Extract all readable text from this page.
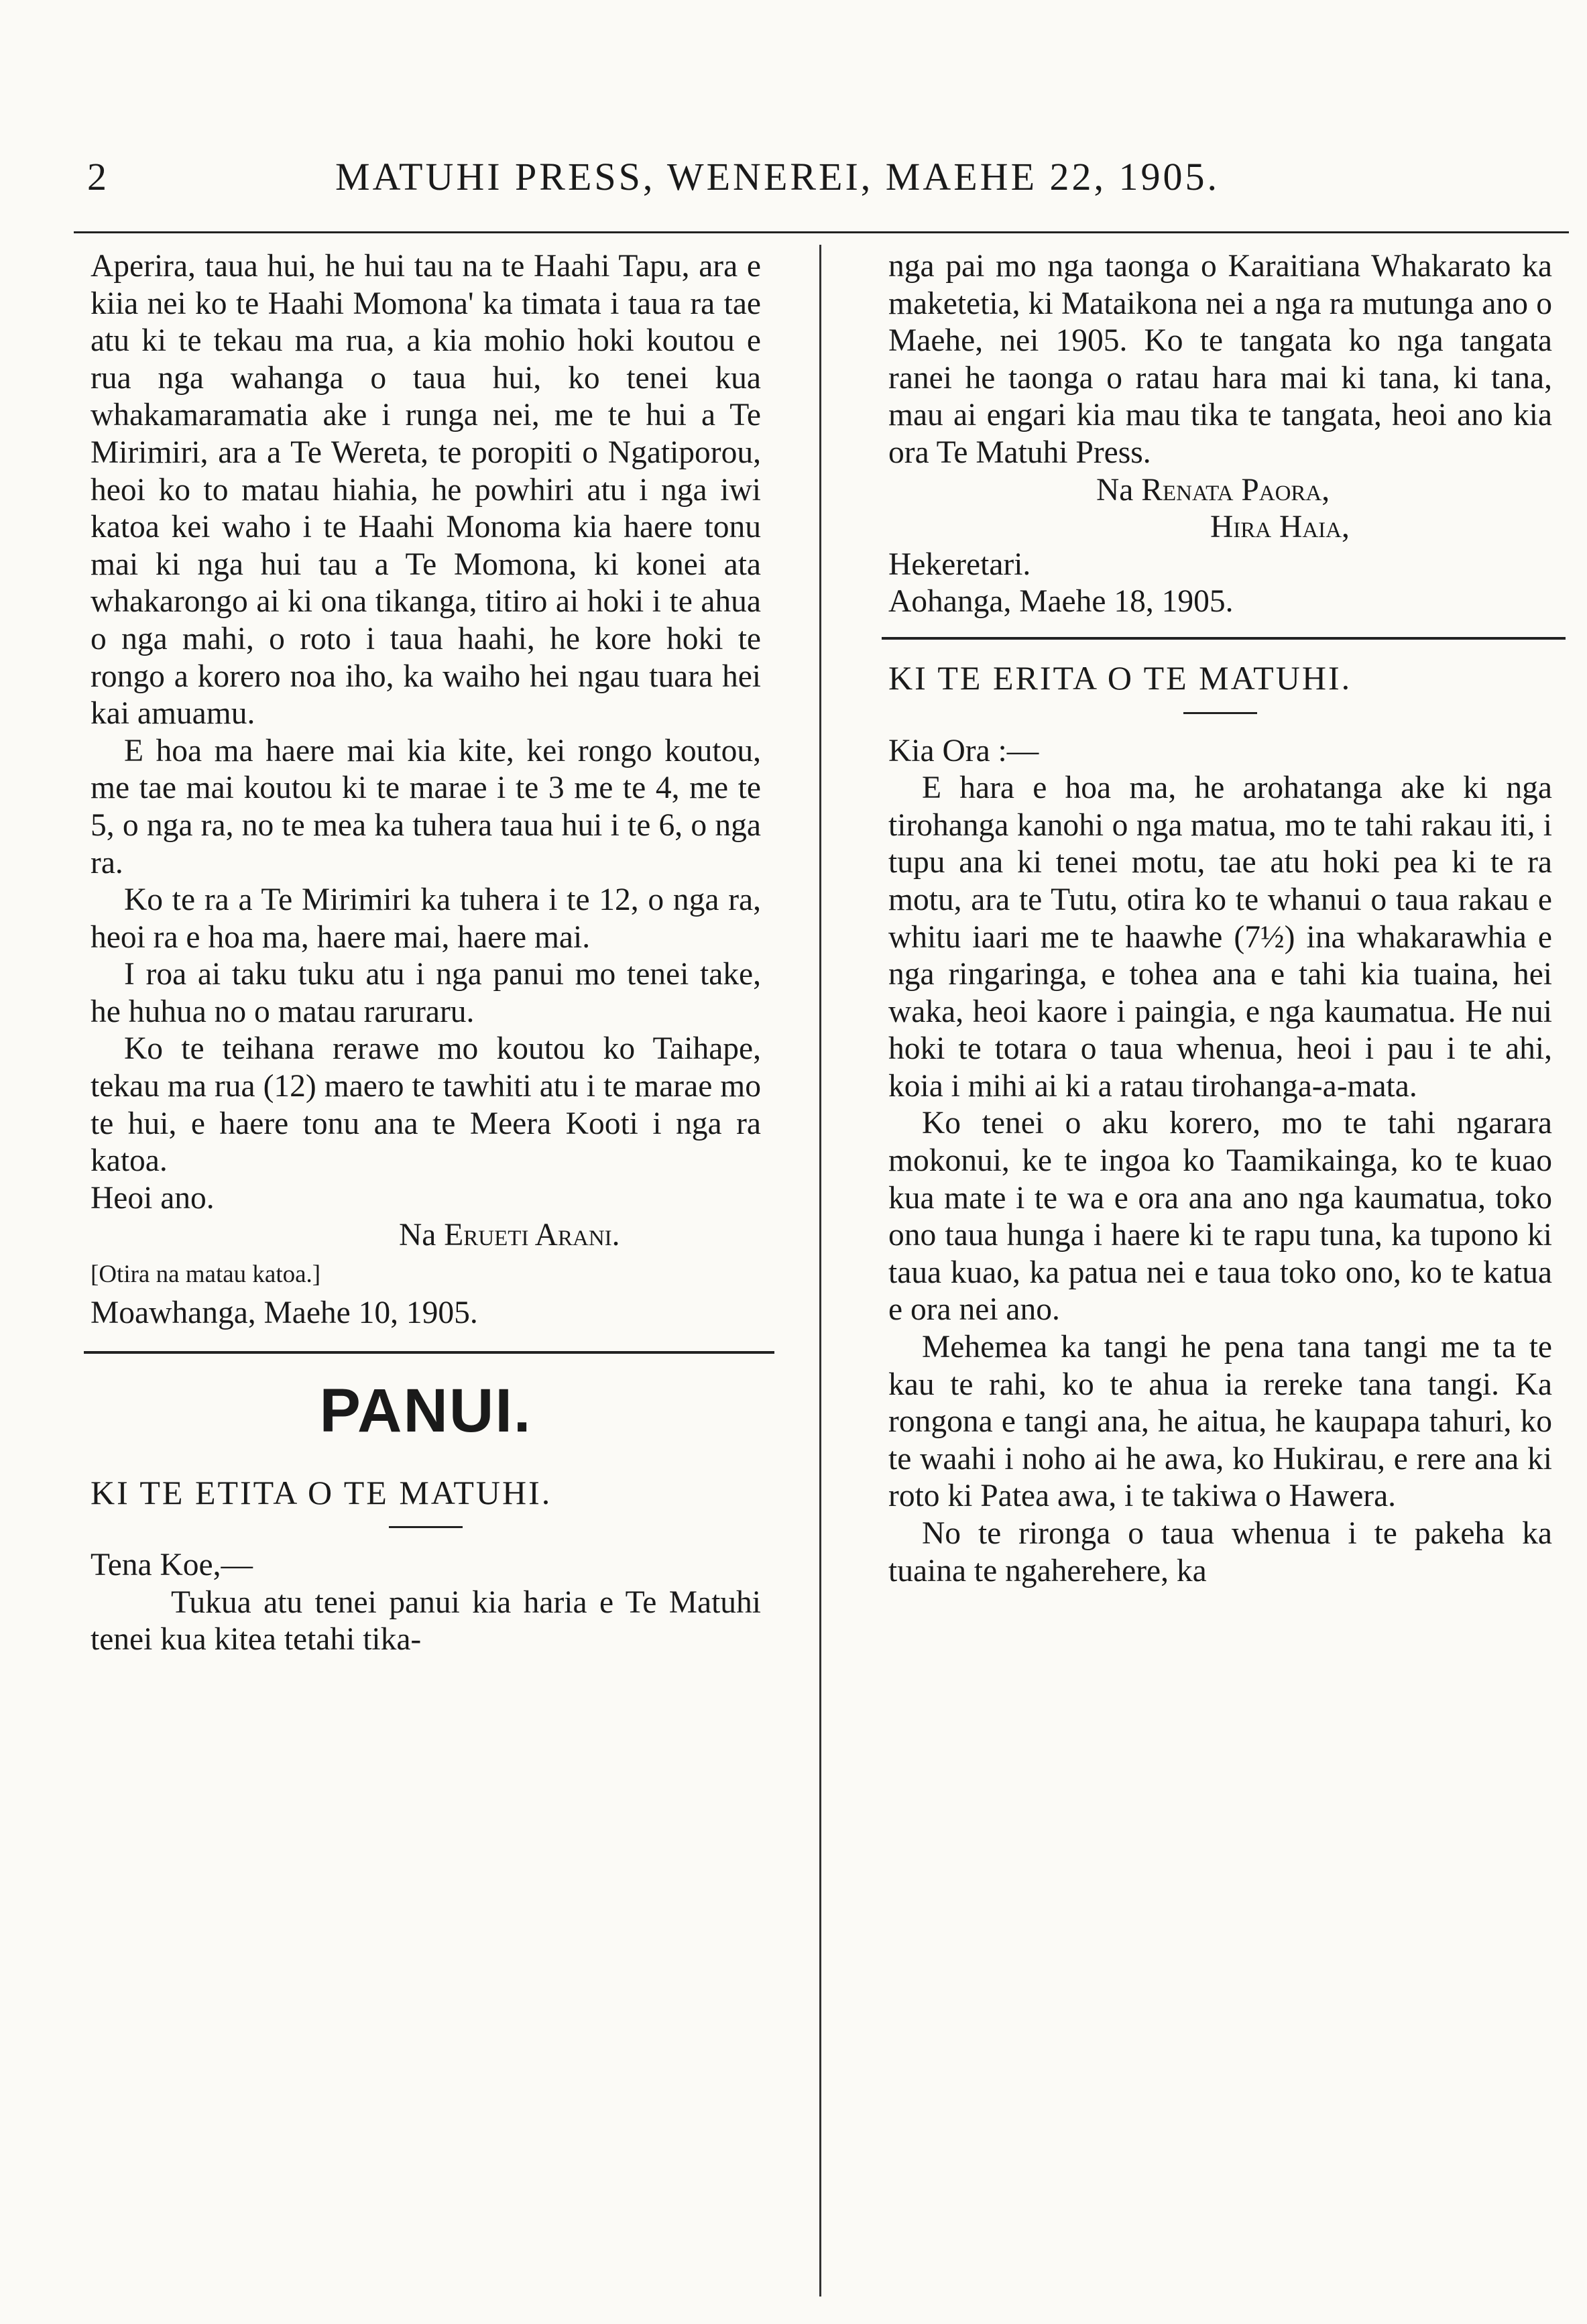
2	MATUHI PRESS, WENEREI, MAEHE 22, 1905.

Aperira, taua hui, he hui tau na te Haahi Tapu, ara e kiia nei ko te Haahi Momona' ka timata i taua ra tae atu ki te tekau ma rua, a kia mohio hoki koutou e rua nga wahanga o taua hui, ko tenei kua whakamaramatia ake i runga nei, me te hui a Te Mirimiri, ara a Te Wereta, te poropiti o Ngatiporou, heoi ko to matau hiahia, he powhiri atu i nga iwi katoa kei waho i te Haahi Monoma kia haere tonu mai ki nga hui tau a Te Momona, ki konei ata whakarongo ai ki ona tikanga, titiro ai hoki i te ahua o nga mahi, o roto i taua haahi, he kore hoki te rongo a korero noa iho, ka waiho hei ngau tuara hei kai amuamu.

E hoa ma haere mai kia kite, kei rongo koutou, me tae mai koutou ki te marae i te 3 me te 4, me te 5, o nga ra, no te mea ka tuhera taua hui i te 6, o nga ra.

Ko te ra a Te Mirimiri ka tuhera i te 12, o nga ra, heoi ra e hoa ma, haere mai, haere mai.

I roa ai taku tuku atu i nga panui mo tenei take, he huhua no o matau raruraru.

Ko te teihana rerawe mo koutou ko Taihape, tekau ma rua (12) maero te tawhiti atu i te marae mo te hui, e haere tonu ana te Meera Kooti i nga ra katoa.

Heoi ano.

Na Erueti Arani.

[Otira na matau katoa.]

Moawhanga, Maehe 10, 1905.

PANUI.

KI TE ETITA O TE MATUHI.

Tena Koe,—

Tukua atu tenei panui kia haria e Te Matuhi tenei kua kitea tetahi tika-

nga pai mo nga taonga o Karaitiana Whakarato ka maketetia, ki Mataikona nei a nga ra mutunga ano o Maehe, nei 1905. Ko te tangata ko nga tangata ranei he taonga o ratau hara mai ki tana, ki tana, mau ai engari kia mau tika te tangata, heoi ano kia ora Te Matuhi Press.

Na Renata Paora,

Hira Haia,

Hekeretari.

Aohanga, Maehe 18, 1905.

KI TE ERITA O TE MATUHI.

Kia Ora :—

E hara e hoa ma, he arohatanga ake ki nga tirohanga kanohi o nga matua, mo te tahi rakau iti, i tupu ana ki tenei motu, tae atu hoki pea ki te ra motu, ara te Tutu, otira ko te whanui o taua rakau e whitu iaari me te haawhe (7½) ina whakarawhia e nga ringaringa, e tohea ana e tahi kia tuaina, hei waka, heoi kaore i paingia, e nga kaumatua. He nui hoki te totara o taua whenua, heoi i pau i te ahi, koia i mihi ai ki a ratau tirohanga-a-mata.

Ko tenei o aku korero, mo te tahi ngarara mokonui, ke te ingoa ko Taamikainga, ko te kuao kua mate i te wa e ora ana ano nga kaumatua, toko ono taua hunga i haere ki te rapu tuna, ka tupono ki taua kuao, ka patua nei e taua toko ono, ko te katua e ora nei ano.

Mehemea ka tangi he pena tana tangi me ta te kau te rahi, ko te ahua ia rereke tana tangi. Ka rongona e tangi ana, he aitua, he kaupapa tahuri, ko te waahi i noho ai he awa, ko Hukirau, e rere ana ki roto ki Patea awa, i te takiwa o Hawera.

No te rironga o taua whenua i te pakeha ka tuaina te ngaherehere, ka
